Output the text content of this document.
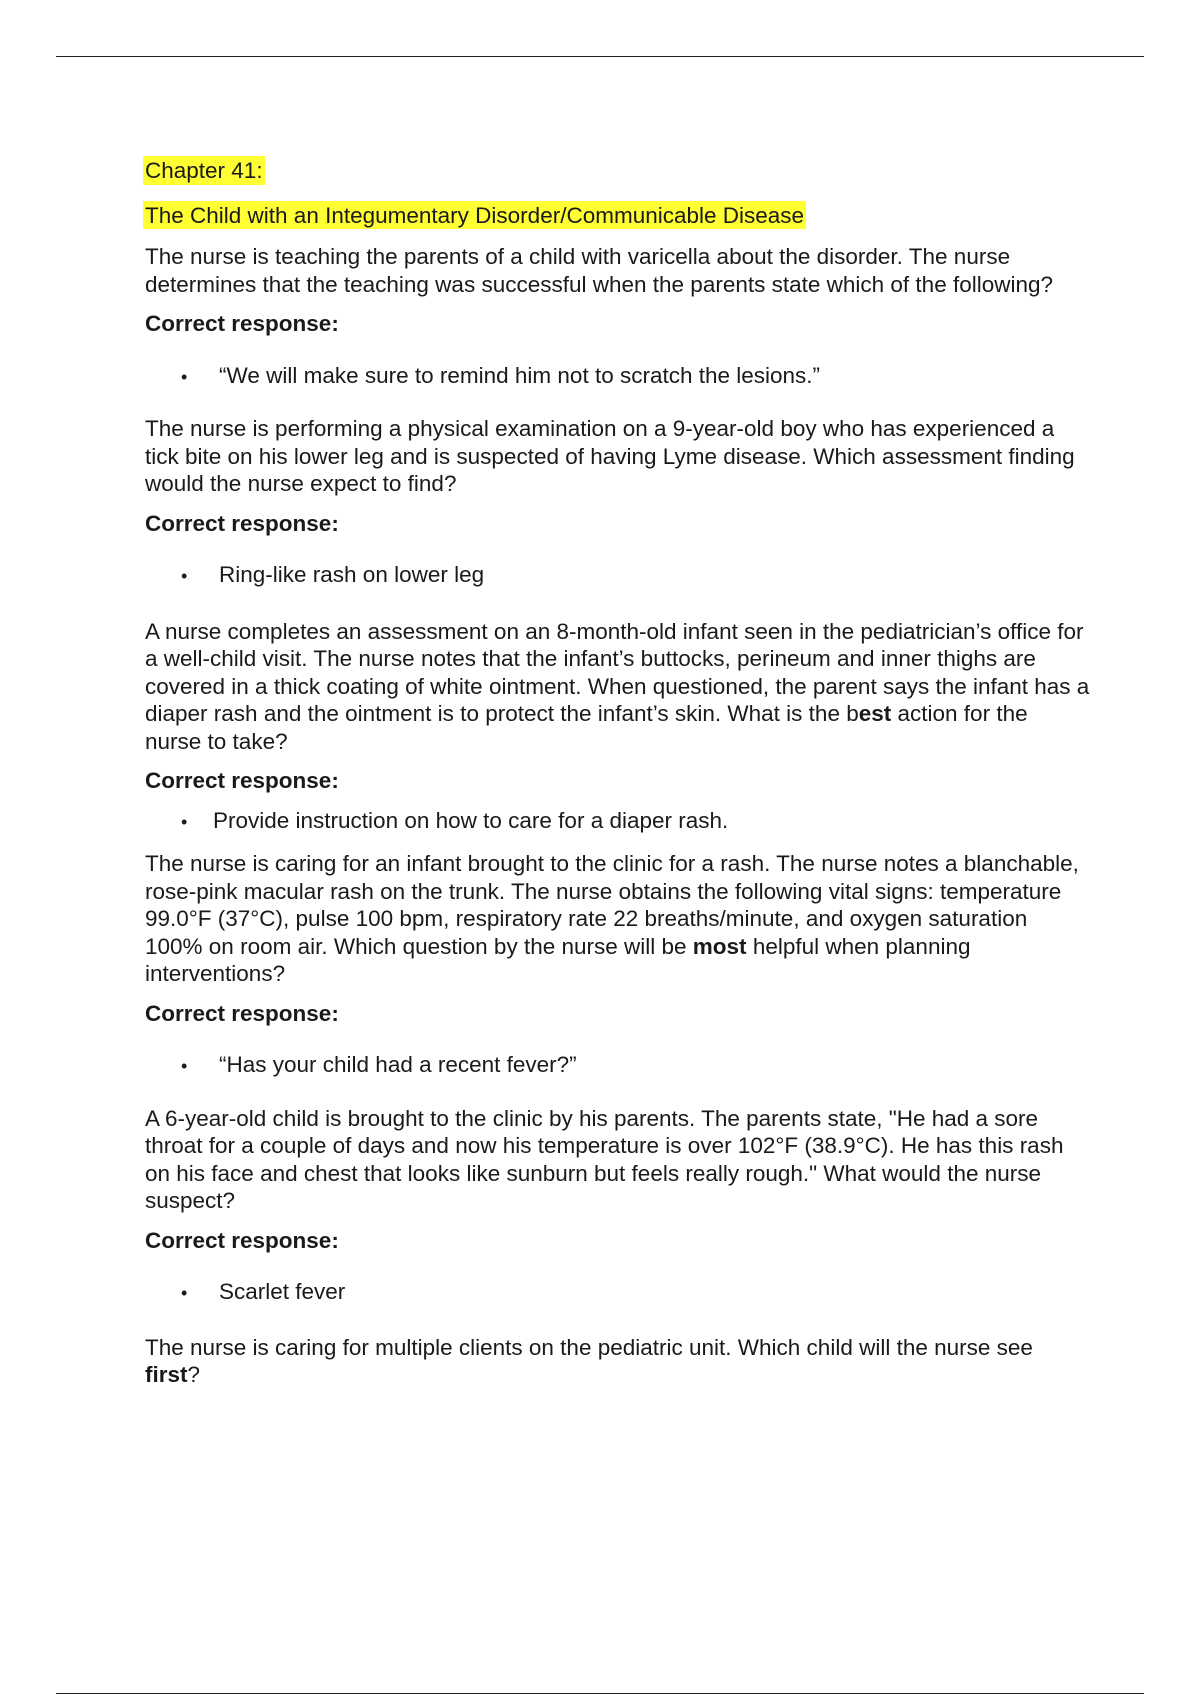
Chapter 41:
The Child with an Integumentary Disorder/Communicable Disease

The nurse is teaching the parents of a child with varicella about the disorder. The nurse determines that the teaching was successful when the parents state which of the following?

Correct response:

•	“We will make sure to remind him not to scratch the lesions.”

The nurse is performing a physical examination on a 9-year-old boy who has experienced a tick bite on his lower leg and is suspected of having Lyme disease. Which assessment finding would the nurse expect to find?

Correct response:

•	Ring-like rash on lower leg

A nurse completes an assessment on an 8-month-old infant seen in the pediatrician’s office for a well-child visit. The nurse notes that the infant’s buttocks, perineum and inner thighs are covered in a thick coating of white ointment. When questioned, the parent says the infant has a diaper rash and the ointment is to protect the infant’s skin. What is the best action for the nurse to take?

Correct response:

•	Provide instruction on how to care for a diaper rash.

The nurse is caring for an infant brought to the clinic for a rash. The nurse notes a blanchable, rose-pink macular rash on the trunk. The nurse obtains the following vital signs: temperature 99.0°F (37°C), pulse 100 bpm, respiratory rate 22 breaths/minute, and oxygen saturation 100% on room air. Which question by the nurse will be most helpful when planning interventions?

Correct response:

•	“Has your child had a recent fever?”

A 6-year-old child is brought to the clinic by his parents. The parents state, "He had a sore throat for a couple of days and now his temperature is over 102°F (38.9°C). He has this rash on his face and chest that looks like sunburn but feels really rough." What would the nurse suspect?

Correct response:

•	Scarlet fever

The nurse is caring for multiple clients on the pediatric unit. Which child will the nurse see first?
